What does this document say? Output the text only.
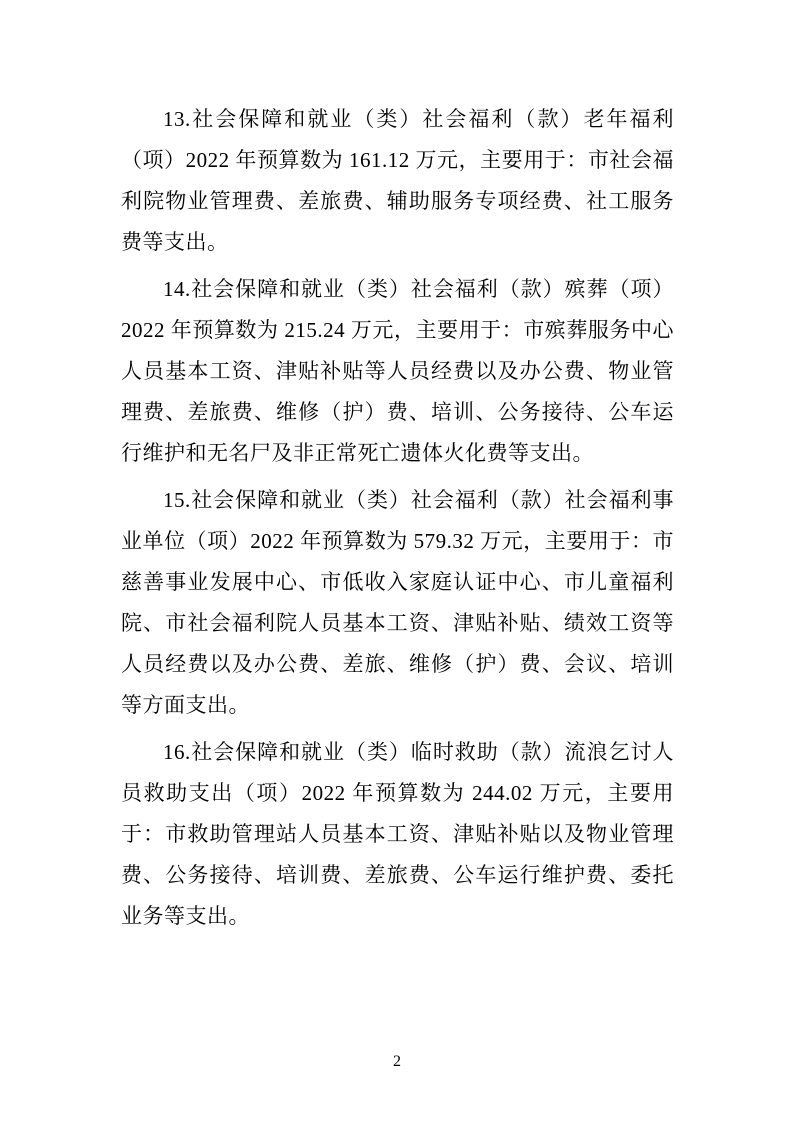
13.社会保障和就业（类）社会福利（款）老年福利（项）2022 年预算数为 161.12 万元，主要用于：市社会福利院物业管理费、差旅费、辅助服务专项经费、社工服务费等支出。

14.社会保障和就业（类）社会福利（款）殡葬（项）2022 年预算数为 215.24 万元，主要用于：市殡葬服务中心人员基本工资、津贴补贴等人员经费以及办公费、物业管理费、差旅费、维修（护）费、培训、公务接待、公车运行维护和无名尸及非正常死亡遗体火化费等支出。

15.社会保障和就业（类）社会福利（款）社会福利事业单位（项）2022 年预算数为 579.32 万元，主要用于：市慈善事业发展中心、市低收入家庭认证中心、市儿童福利院、市社会福利院人员基本工资、津贴补贴、绩效工资等人员经费以及办公费、差旅、维修（护）费、会议、培训等方面支出。

16.社会保障和就业（类）临时救助（款）流浪乞讨人员救助支出（项）2022 年预算数为 244.02 万元，主要用于：市救助管理站人员基本工资、津贴补贴以及物业管理费、公务接待、培训费、差旅费、公车运行维护费、委托业务等支出。

2
